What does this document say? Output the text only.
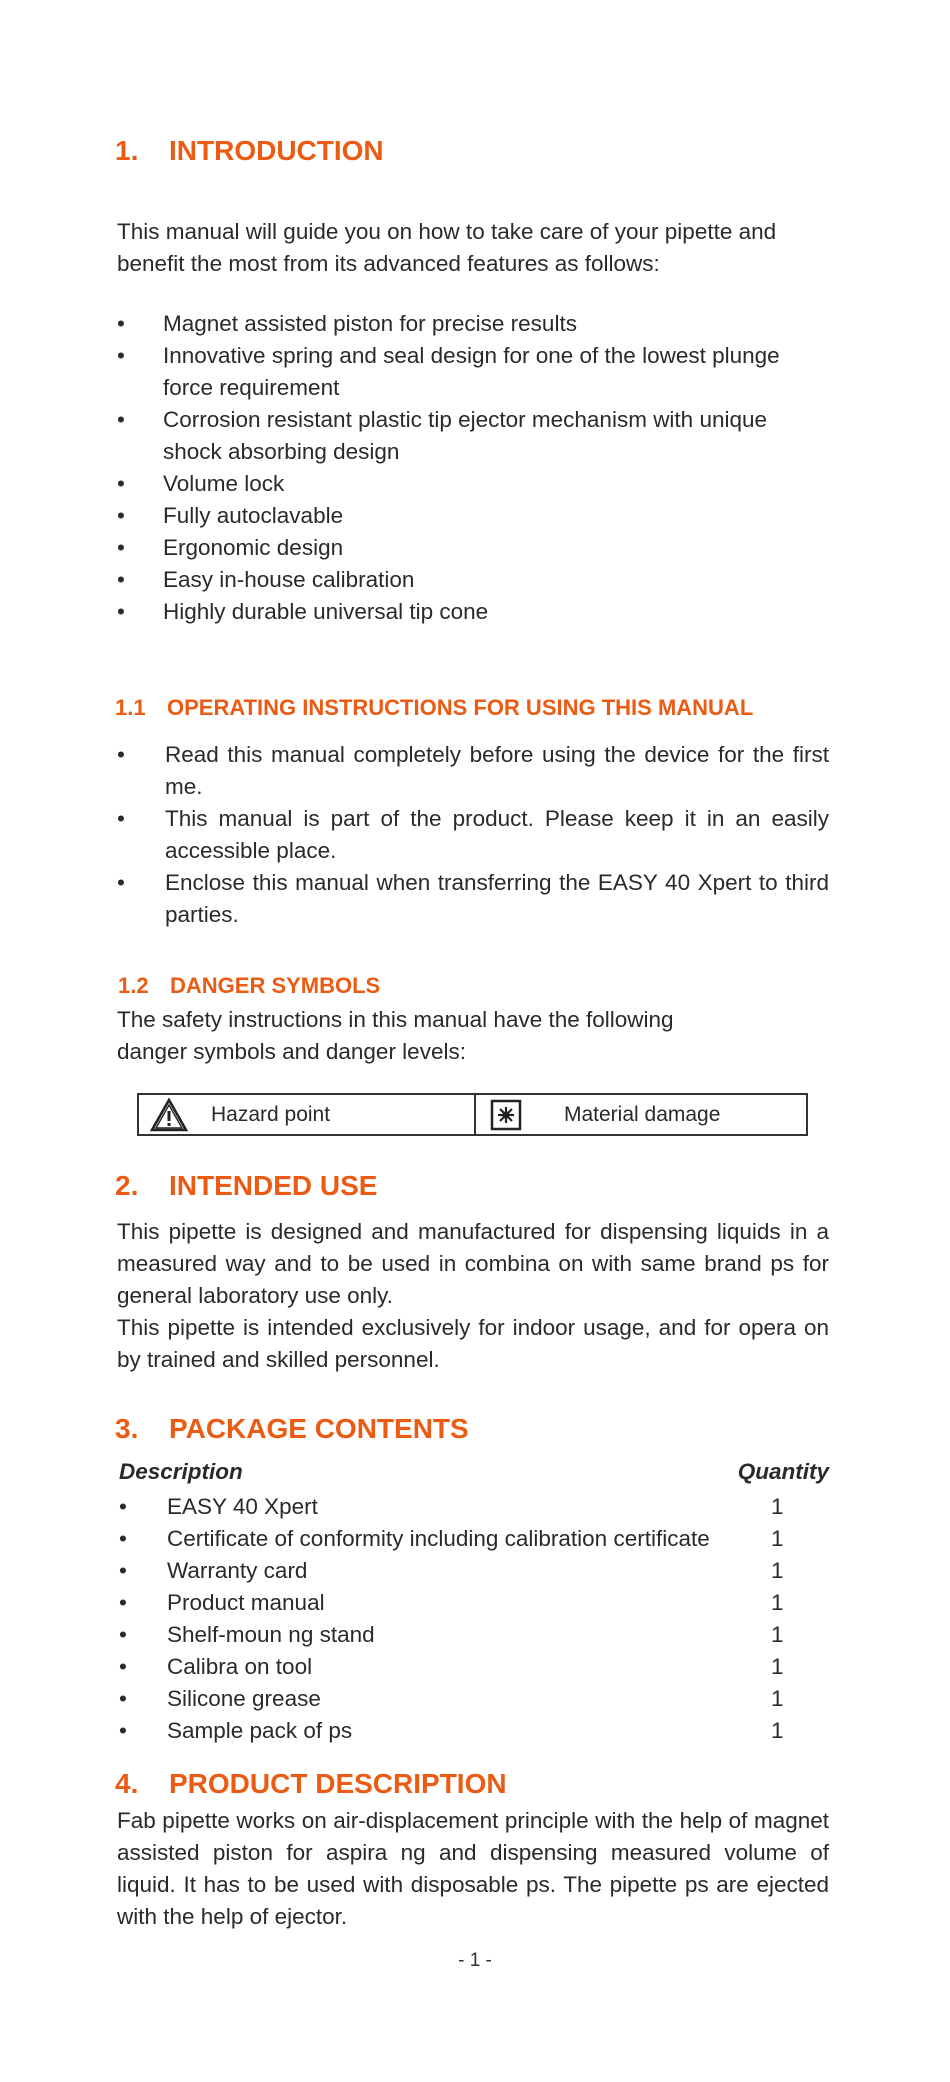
1. INTRODUCTION

This manual will guide you on how to take care of your pipette and benefit the most from its advanced features as follows:

• Magnet assisted piston for precise results
• Innovative spring and seal design for one of the lowest plunge force requirement
• Corrosion resistant plastic tip ejector mechanism with unique shock absorbing design
• Volume lock
• Fully autoclavable
• Ergonomic design
• Easy in-house calibration
• Highly durable universal tip cone
1.1 OPERATING INSTRUCTIONS FOR USING THIS MANUAL
• Read this manual completely before using the device for the first me.
• This manual is part of the product. Please keep it in an easily accessible place.
• Enclose this manual when transferring the EASY 40 Xpert to third parties.
1.2 DANGER SYMBOLS

The safety instructions in this manual have the following danger symbols and danger levels:

Hazard point	Material damage
2. INTENDED USE

This pipette is designed and manufactured for dispensing liquids in a measured way and to be used in combina on with same brand ps for general laboratory use only.

This pipette is intended exclusively for indoor usage, and for opera on by trained and skilled personnel.

3. PACKAGE CONTENTS
Description	Quantity
• EASY 40 Xpert	1
• Certificate of conformity including calibration certificate	1
• Warranty card	1
• Product manual	1
• Shelf-moun ng stand	1
• Calibra on tool	1
• Silicone grease	1
• Sample pack of ps	1
4. PRODUCT DESCRIPTION

Fab pipette works on air-displacement principle with the help of magnet assisted piston for aspira ng and dispensing measured volume of liquid. It has to be used with disposable ps. The pipette ps are ejected with the help of ejector.

- 1 -
